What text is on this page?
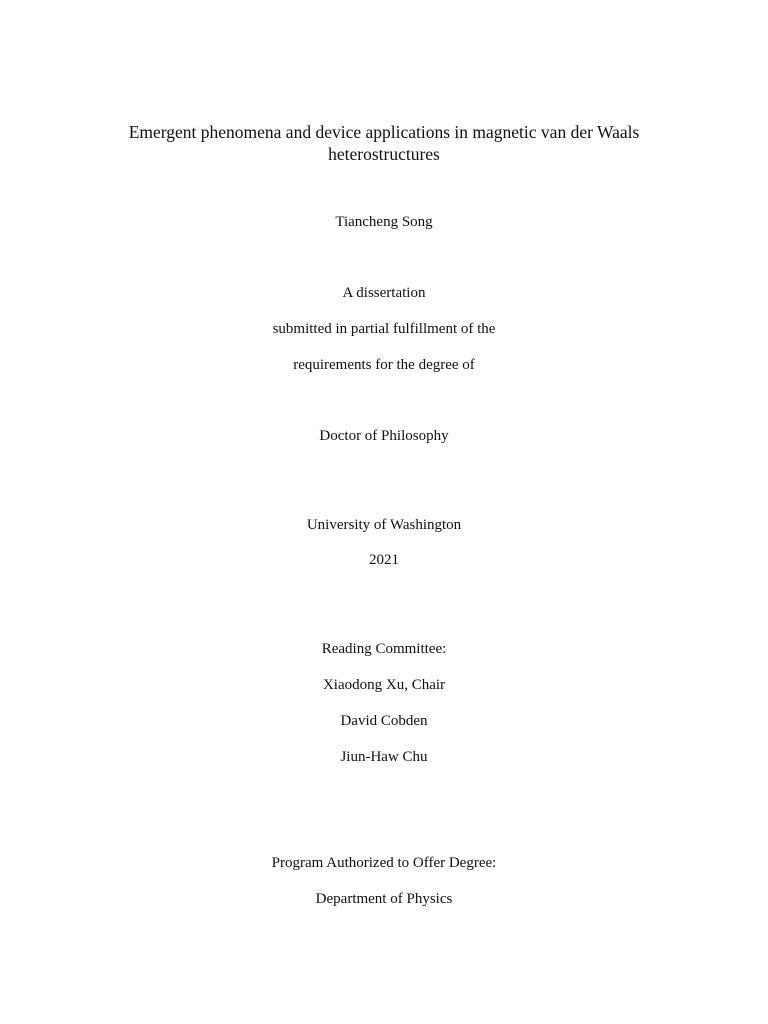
Emergent phenomena and device applications in magnetic van der Waals
heterostructures
Tiancheng Song
A dissertation
submitted in partial fulfillment of the
requirements for the degree of
Doctor of Philosophy
University of Washington
2021
Reading Committee:
Xiaodong Xu, Chair
David Cobden
Jiun-Haw Chu
Program Authorized to Offer Degree:
Department of Physics
